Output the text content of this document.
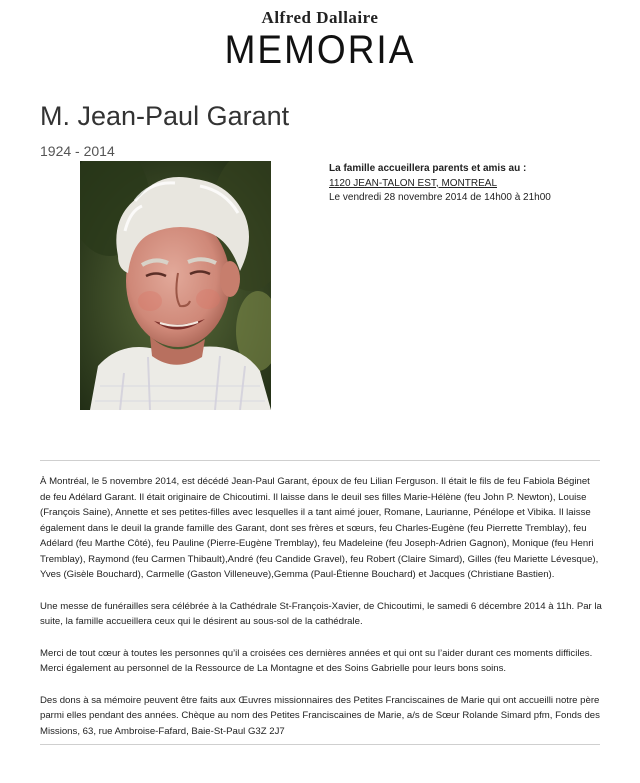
Alfred Dallaire
MEMORIA
M. Jean-Paul Garant
1924 - 2014
La famille accueillera parents et amis au :
1120 JEAN-TALON EST, MONTREAL
Le vendredi 28 novembre 2014 de 14h00 à 21h00

À Montréal, le 5 novembre 2014, est décédé Jean-Paul Garant, époux de feu Lilian Ferguson. Il était le fils de feu Fabiola Béginet de feu Adélard Garant. Il était originaire de Chicoutimi. Il laisse dans le deuil ses filles Marie-Hélène (feu John P. Newton), Louise (François Saine), Annette et ses petites-filles avec lesquelles il a tant aimé jouer, Romane, Laurianne, Pénélope et Vibika. Il laisse également dans le deuil la grande famille des Garant, dont ses frères et sœurs, feu Charles-Eugène (feu Pierrette Tremblay), feu Adélard (feu Marthe Côté), feu Pauline (Pierre-Eugène Tremblay), feu Madeleine (feu Joseph-Adrien Gagnon), Monique (feu Henri Tremblay), Raymond (feu Carmen Thibault),André (feu Candide Gravel), feu Robert (Claire Simard), Gilles (feu Mariette Lévesque), Yves (Gisèle Bouchard), Carmelle (Gaston Villeneuve),Gemma (Paul-Étienne Bouchard) et Jacques (Christiane Bastien).

Une messe de funérailles sera célébrée à la Cathédrale St-François-Xavier, de Chicoutimi, le samedi 6 décembre 2014 à 11h. Par la suite, la famille accueillera ceux qui le désirent au sous-sol de la cathédrale.

Merci de tout cœur à toutes les personnes qu’il a croisées ces dernières années et qui ont su l’aider durant ces moments difficiles. Merci également au personnel de la Ressource de La Montagne et des Soins Gabrielle pour leurs bons soins.

Des dons à sa mémoire peuvent être faits aux Œuvres missionnaires des Petites Franciscaines de Marie qui ont accueilli notre père parmi elles pendant des années. Chèque au nom des Petites Franciscaines de Marie, a/s de Sœur Rolande Simard pfm, Fonds des Missions, 63, rue Ambroise-Fafard, Baie-St-Paul G3Z 2J7
